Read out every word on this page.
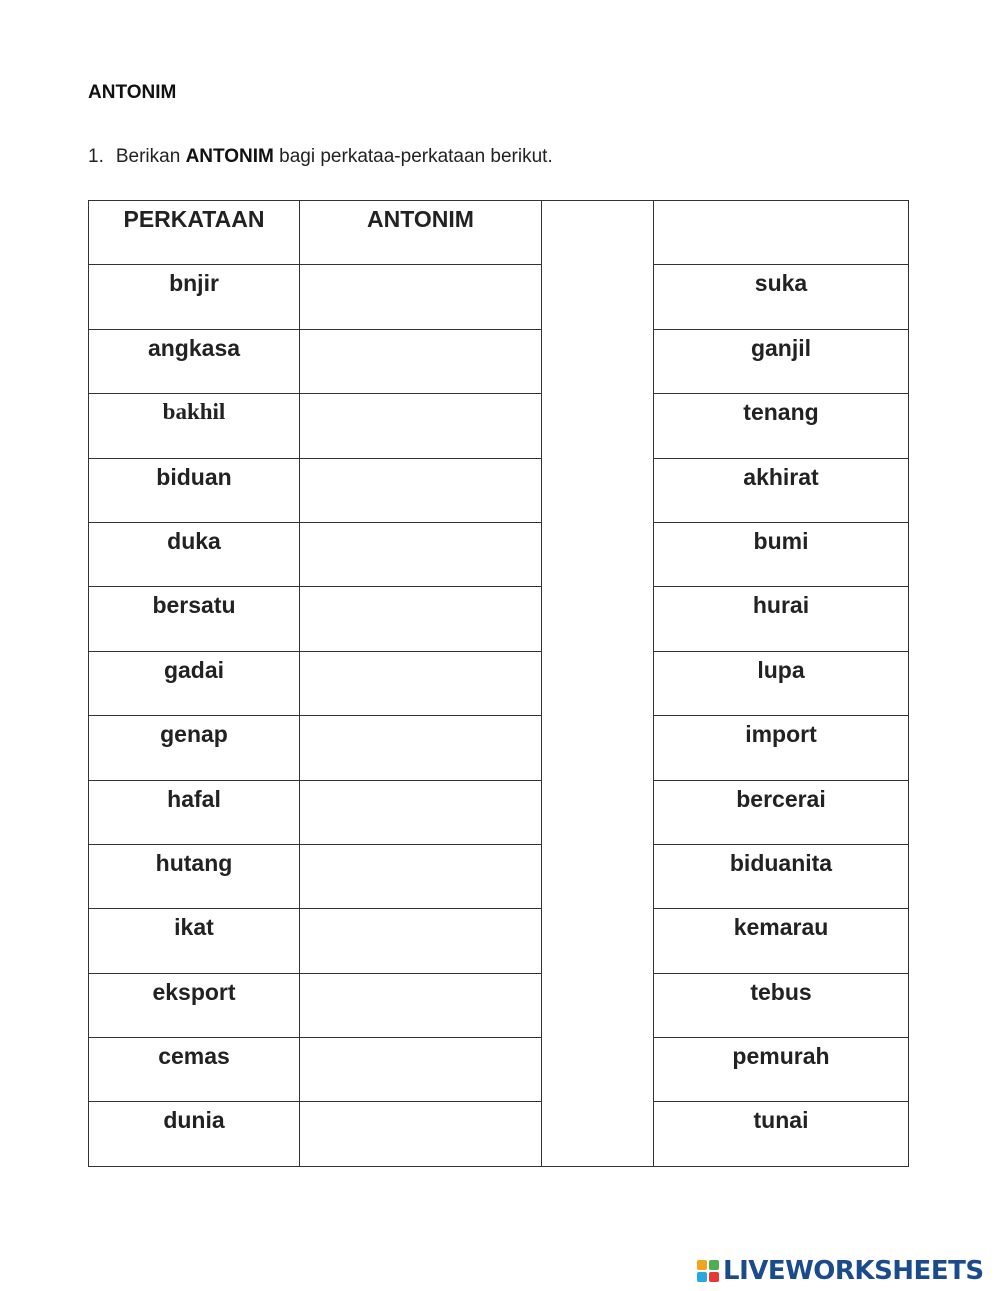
ANTONIM
1. Berikan ANTONIM bagi perkataa-perkataan berikut.
PERKATAAN	ANTONIM
bnjir
angkasa
bakhil
biduan
duka
bersatu
gadai
genap
hafal
hutang
ikat
eksport
cemas
dunia
suka
ganjil
tenang
akhirat
bumi
hurai
lupa
import
bercerai
biduanita
kemarau
tebus
pemurah
tunai
LIVEWORKSHEETS
